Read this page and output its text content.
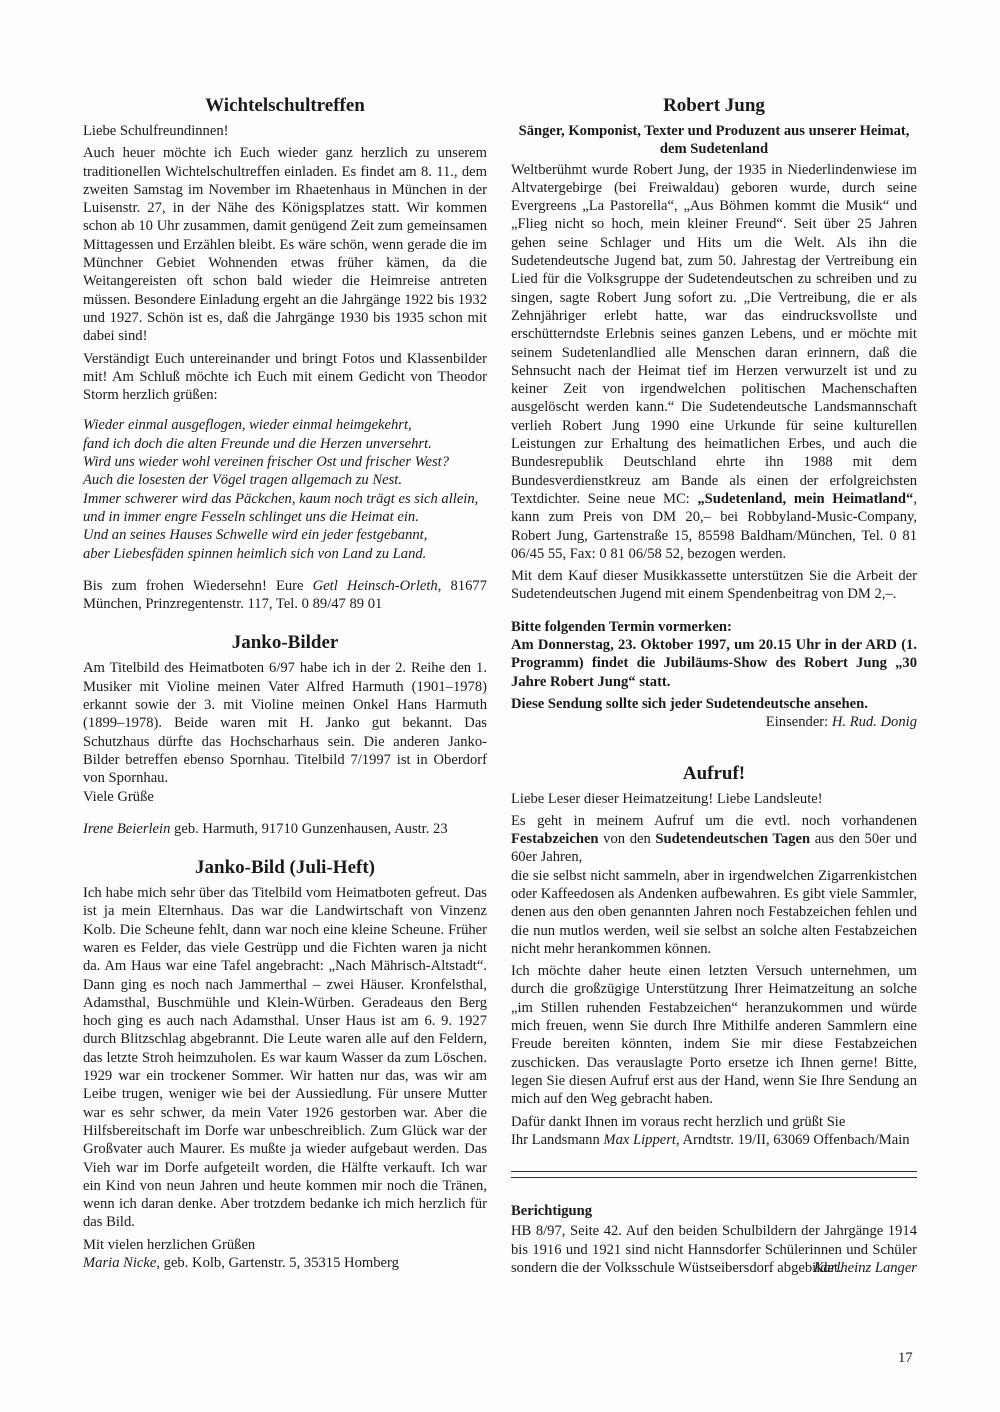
Wichtelschultreffen

Liebe Schulfreundinnen!

Auch heuer möchte ich Euch wieder ganz herzlich zu unserem traditionellen Wichtelschultreffen einladen. Es findet am 8. 11., dem zweiten Samstag im November im Rhaetenhaus in München in der Luisenstr. 27, in der Nähe des Königsplatzes statt. Wir kommen schon ab 10 Uhr zusammen, damit genügend Zeit zum gemeinsamen Mittagessen und Erzählen bleibt. Es wäre schön, wenn gerade die im Münchner Gebiet Wohnenden etwas früher kämen, da die Weitangereisten oft schon bald wieder die Heimreise antreten müssen. Besondere Einladung ergeht an die Jahrgänge 1922 bis 1932 und 1927. Schön ist es, daß die Jahrgänge 1930 bis 1935 schon mit dabei sind!

Verständigt Euch untereinander und bringt Fotos und Klassenbilder mit! Am Schluß möchte ich Euch mit einem Gedicht von Theodor Storm herzlich grüßen:

Wieder einmal ausgeflogen, wieder einmal heimgekehrt,
fand ich doch die alten Freunde und die Herzen unversehrt.
Wird uns wieder wohl vereinen frischer Ost und frischer West?
Auch die losesten der Vögel tragen allgemach zu Nest.
Immer schwerer wird das Päckchen, kaum noch trägt es sich allein,
und in immer engre Fesseln schlinget uns die Heimat ein.
Und an seines Hauses Schwelle wird ein jeder festgebannt,
aber Liebesfäden spinnen heimlich sich von Land zu Land.

Bis zum frohen Wiedersehn! Eure Getl Heinsch-Orleth, 81677 München, Prinzregentenstr. 117, Tel. 0 89/47 89 01

Janko-Bilder

Am Titelbild des Heimatboten 6/97 habe ich in der 2. Reihe den 1. Musiker mit Violine meinen Vater Alfred Harmuth (1901–1978) erkannt sowie der 3. mit Violine meinen Onkel Hans Harmuth (1899–1978). Beide waren mit H. Janko gut bekannt. Das Schutzhaus dürfte das Hochscharhaus sein. Die anderen Janko-Bilder betreffen ebenso Spornhau. Titelbild 7/1997 ist in Oberdorf von Spornhau.

Viele Grüße

Irene Beierlein geb. Harmuth, 91710 Gunzenhausen, Austr. 23

Janko-Bild (Juli-Heft)

Ich habe mich sehr über das Titelbild vom Heimatboten gefreut. Das ist ja mein Elternhaus. Das war die Landwirtschaft von Vinzenz Kolb. Die Scheune fehlt, dann war noch eine kleine Scheune. Früher waren es Felder, das viele Gestrüpp und die Fichten waren ja nicht da. Am Haus war eine Tafel angebracht: „Nach Mährisch-Altstadt“. Dann ging es noch nach Jammerthal – zwei Häuser. Kronfelsthal, Adamsthal, Buschmühle und Klein-Würben. Geradeaus den Berg hoch ging es auch nach Adamsthal. Unser Haus ist am 6. 9. 1927 durch Blitzschlag abgebrannt. Die Leute waren alle auf den Feldern, das letzte Stroh heimzuholen. Es war kaum Wasser da zum Löschen. 1929 war ein trockener Sommer. Wir hatten nur das, was wir am Leibe trugen, weniger wie bei der Aussiedlung. Für unsere Mutter war es sehr schwer, da mein Vater 1926 gestorben war. Aber die Hilfsbereitschaft im Dorfe war unbeschreiblich. Zum Glück war der Großvater auch Maurer. Es mußte ja wieder aufgebaut werden. Das Vieh war im Dorfe aufgeteilt worden, die Hälfte verkauft. Ich war ein Kind von neun Jahren und heute kommen mir noch die Tränen, wenn ich daran denke. Aber trotzdem bedanke ich mich herzlich für das Bild.

Mit vielen herzlichen Grüßen

Maria Nicke, geb. Kolb, Gartenstr. 5, 35315 Homberg

Robert Jung

Sänger, Komponist, Texter und Produzent aus unserer Heimat, dem Sudetenland

Weltberühmt wurde Robert Jung, der 1935 in Niederlindenwiese im Altvatergebirge (bei Freiwaldau) geboren wurde, durch seine Evergreens „La Pastorella“, „Aus Böhmen kommt die Musik“ und „Flieg nicht so hoch, mein kleiner Freund“. Seit über 25 Jahren gehen seine Schlager und Hits um die Welt. Als ihn die Sudetendeutsche Jugend bat, zum 50. Jahrestag der Vertreibung ein Lied für die Volksgruppe der Sudetendeutschen zu schreiben und zu singen, sagte Robert Jung sofort zu. „Die Vertreibung, die er als Zehnjähriger erlebt hatte, war das eindrucksvollste und erschütterndste Erlebnis seines ganzen Lebens, und er möchte mit seinem Sudetenlandlied alle Menschen daran erinnern, daß die Sehnsucht nach der Heimat tief im Herzen verwurzelt ist und zu keiner Zeit von irgendwelchen politischen Machenschaften ausgelöscht werden kann.“ Die Sudetendeutsche Landsmannschaft verlieh Robert Jung 1990 eine Urkunde für seine kulturellen Leistungen zur Erhaltung des heimatlichen Erbes, und auch die Bundesrepublik Deutschland ehrte ihn 1988 mit dem Bundesverdienstkreuz am Bande als einen der erfolgreichsten Textdichter. Seine neue MC: „Sudetenland, mein Heimatland“, kann zum Preis von DM 20,– bei Robbyland-Music-Company, Robert Jung, Gartenstraße 15, 85598 Baldham/München, Tel. 0 81 06/45 55, Fax: 0 81 06/58 52, bezogen werden.

Mit dem Kauf dieser Musikkassette unterstützen Sie die Arbeit der Sudetendeutschen Jugend mit einem Spendenbeitrag von DM 2,–.

Bitte folgenden Termin vormerken:

Am Donnerstag, 23. Oktober 1997, um 20.15 Uhr in der ARD (1. Programm) findet die Jubiläums-Show des Robert Jung „30 Jahre Robert Jung“ statt.

Diese Sendung sollte sich jeder Sudetendeutsche ansehen.

Einsender: H. Rud. Donig

Aufruf!

Liebe Leser dieser Heimatzeitung! Liebe Landsleute!

Es geht in meinem Aufruf um die evtl. noch vorhandenen Festabzeichen von den Sudetendeutschen Tagen aus den 50er und 60er Jahren,

die sie selbst nicht sammeln, aber in irgendwelchen Zigarrenkistchen oder Kaffeedosen als Andenken aufbewahren. Es gibt viele Sammler, denen aus den oben genannten Jahren noch Festabzeichen fehlen und die nun mutlos werden, weil sie selbst an solche alten Festabzeichen nicht mehr herankommen können.

Ich möchte daher heute einen letzten Versuch unternehmen, um durch die großzügige Unterstützung Ihrer Heimatzeitung an solche „im Stillen ruhenden Festabzeichen“ heranzukommen und würde mich freuen, wenn Sie durch Ihre Mithilfe anderen Sammlern eine Freude bereiten könnten, indem Sie mir diese Festabzeichen zuschicken. Das verauslagte Porto ersetze ich Ihnen gerne! Bitte, legen Sie diesen Aufruf erst aus der Hand, wenn Sie Ihre Sendung an mich auf den Weg gebracht haben.

Dafür dankt Ihnen im voraus recht herzlich und grüßt Sie

Ihr Landsmann Max Lippert, Arndtstr. 19/II, 63069 Offenbach/Main

Berichtigung

HB 8/97, Seite 42. Auf den beiden Schulbildern der Jahrgänge 1914 bis 1916 und 1921 sind nicht Hannsdorfer Schülerinnen und Schüler sondern die der Volksschule Wüstseibersdorf abgebildet.

Karlheinz Langer

17
